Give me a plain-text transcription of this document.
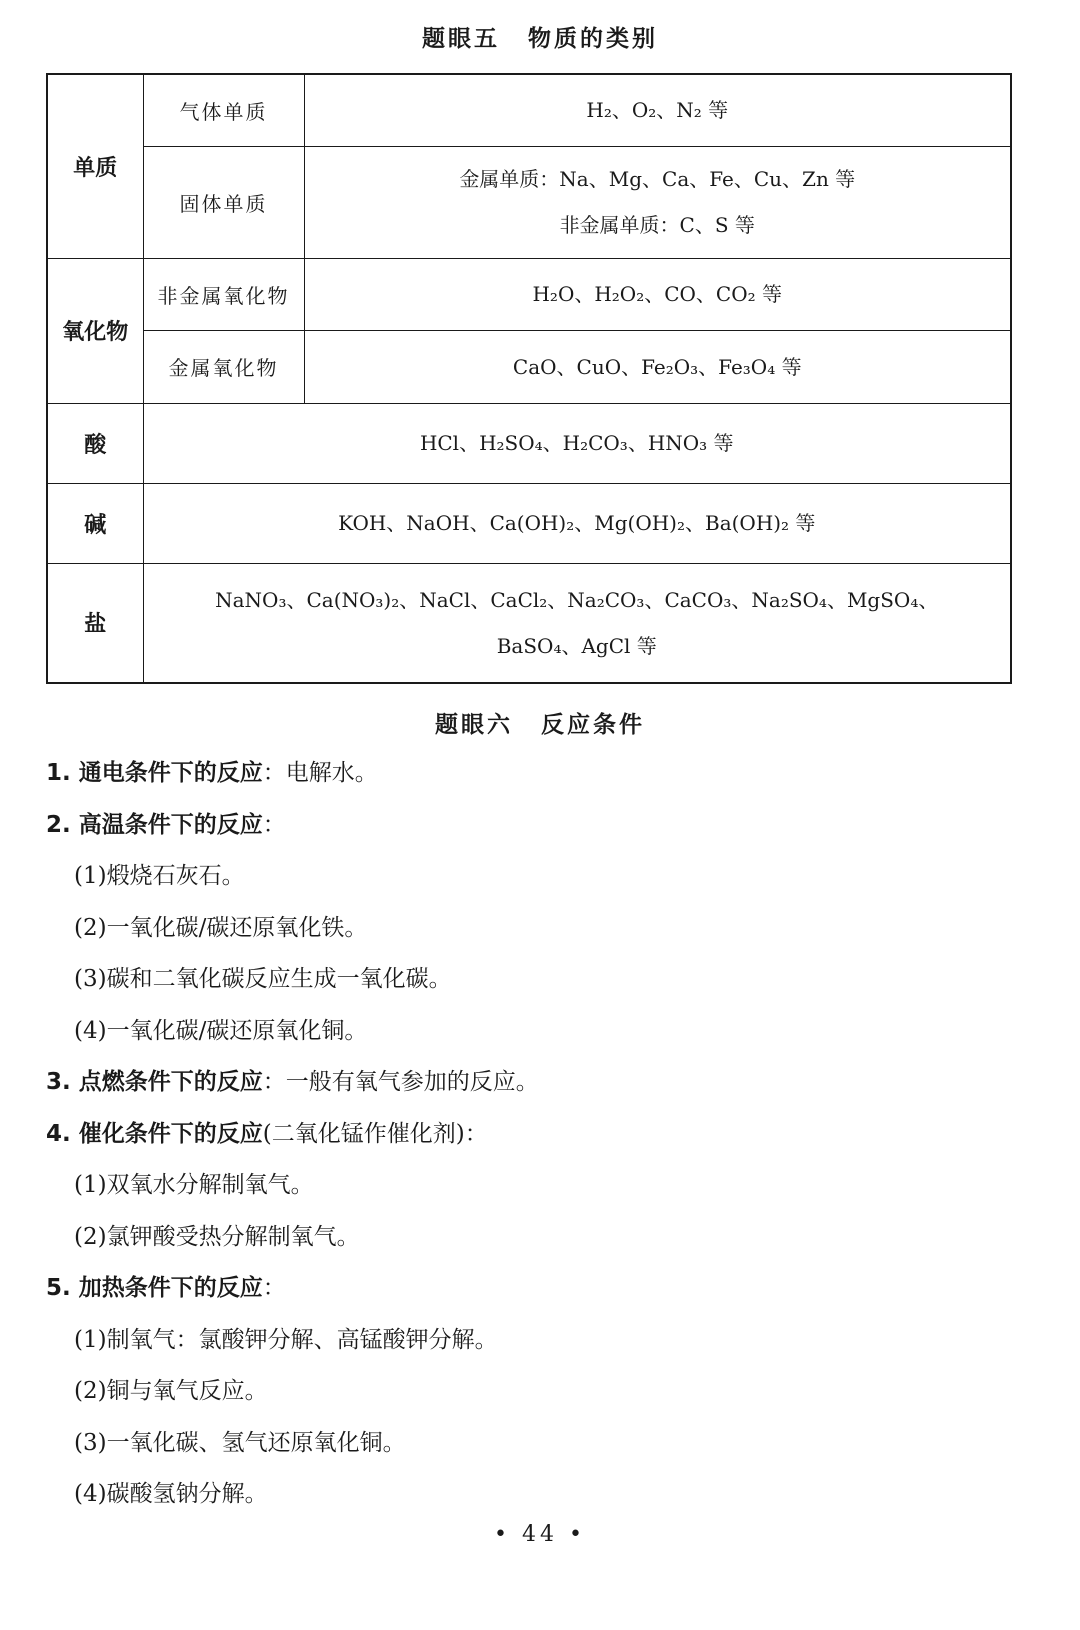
题眼五 物质的类别
单质	气体单质	H₂、O₂、N₂ 等

	固体单质	金属单质：Na、Mg、Ca、Fe、Cu、Zn 等
非金属单质：C、S 等

氧化物	非金属氧化物	H₂O、H₂O₂、CO、CO₂ 等

	金属氧化物	CaO、CuO、Fe₂O₃、Fe₃O₄ 等

酸	HCl、H₂SO₄、H₂CO₃、HNO₃ 等	

碱	KOH、NaOH、Ca(OH)₂、Mg(OH)₂、Ba(OH)₂ 等	

盐	NaNO₃、Ca(NO₃)₂、NaCl、CaCl₂、Na₂CO₃、CaCO₃、Na₂SO₄、MgSO₄、
BaSO₄、AgCl 等	
题眼六 反应条件
1. 通电条件下的反应：电解水。
2. 高温条件下的反应：
(1)煅烧石灰石。
(2)一氧化碳/碳还原氧化铁。
(3)碳和二氧化碳反应生成一氧化碳。
(4)一氧化碳/碳还原氧化铜。
3. 点燃条件下的反应：一般有氧气参加的反应。
4. 催化条件下的反应(二氧化锰作催化剂)：
(1)双氧水分解制氧气。
(2)氯钾酸受热分解制氧气。
5. 加热条件下的反应：
(1)制氧气：氯酸钾分解、高锰酸钾分解。
(2)铜与氧气反应。
(3)一氧化碳、氢气还原氧化铜。
(4)碳酸氢钠分解。
• 44 •
